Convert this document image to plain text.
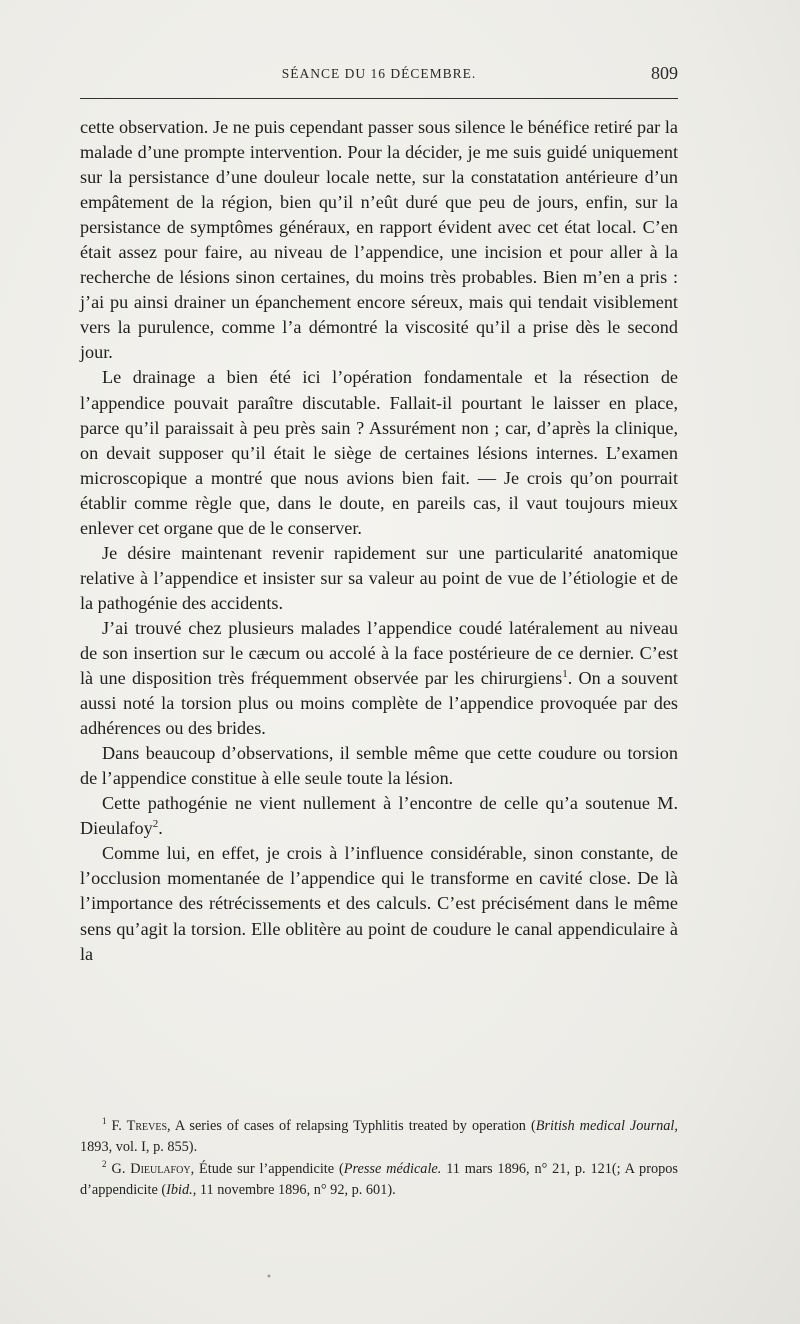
SÉANCE DU 16 DÉCEMBRE.	809

cette observation. Je ne puis cependant passer sous silence le bénéfice retiré par la malade d’une prompte intervention. Pour la décider, je me suis guidé uniquement sur la persistance d’une douleur locale nette, sur la constatation antérieure d’un empâtement de la région, bien qu’il n’eût duré que peu de jours, enfin, sur la persistance de symptômes généraux, en rapport évident avec cet état local. C’en était assez pour faire, au niveau de l’appendice, une incision et pour aller à la recherche de lésions sinon certaines, du moins très probables. Bien m’en a pris : j’ai pu ainsi drainer un épanchement encore séreux, mais qui tendait visiblement vers la purulence, comme l’a démontré la viscosité qu’il a prise dès le second jour.

Le drainage a bien été ici l’opération fondamentale et la résection de l’appendice pouvait paraître discutable. Fallait-il pourtant le laisser en place, parce qu’il paraissait à peu près sain ? Assurément non ; car, d’après la clinique, on devait supposer qu’il était le siège de certaines lésions internes. L’examen microscopique a montré que nous avions bien fait. — Je crois qu’on pourrait établir comme règle que, dans le doute, en pareils cas, il vaut toujours mieux enlever cet organe que de le conserver.

Je désire maintenant revenir rapidement sur une particularité anatomique relative à l’appendice et insister sur sa valeur au point de vue de l’étiologie et de la pathogénie des accidents.

J’ai trouvé chez plusieurs malades l’appendice coudé latéralement au niveau de son insertion sur le cæcum ou accolé à la face postérieure de ce dernier. C’est là une disposition très fréquemment observée par les chirurgiens$^1$. On a souvent aussi noté la torsion plus ou moins complète de l’appendice provoquée par des adhérences ou des brides.

Dans beaucoup d’observations, il semble même que cette coudure ou torsion de l’appendice constitue à elle seule toute la lésion.

Cette pathogénie ne vient nullement à l’encontre de celle qu’a soutenue M. Dieulafoy$^2$.

Comme lui, en effet, je crois à l’influence considérable, sinon constante, de l’occlusion momentanée de l’appendice qui le transforme en cavité close. De là l’importance des rétrécissements et des calculs. C’est précisément dans le même sens qu’agit la torsion. Elle oblitère au point de coudure le canal appendiculaire à la

$^1$ F. Treves, A series of cases of relapsing Typhlitis treated by operation (British medical Journal, 1893, vol. I, p. 855).

$^2$ G. Dieulafoy, Étude sur l’appendicite (Presse médicale. 11 mars 1896, n° 21, p. 121(; A propos d’appendicite (Ibid., 11 novembre 1896, n° 92, p. 601).

•
